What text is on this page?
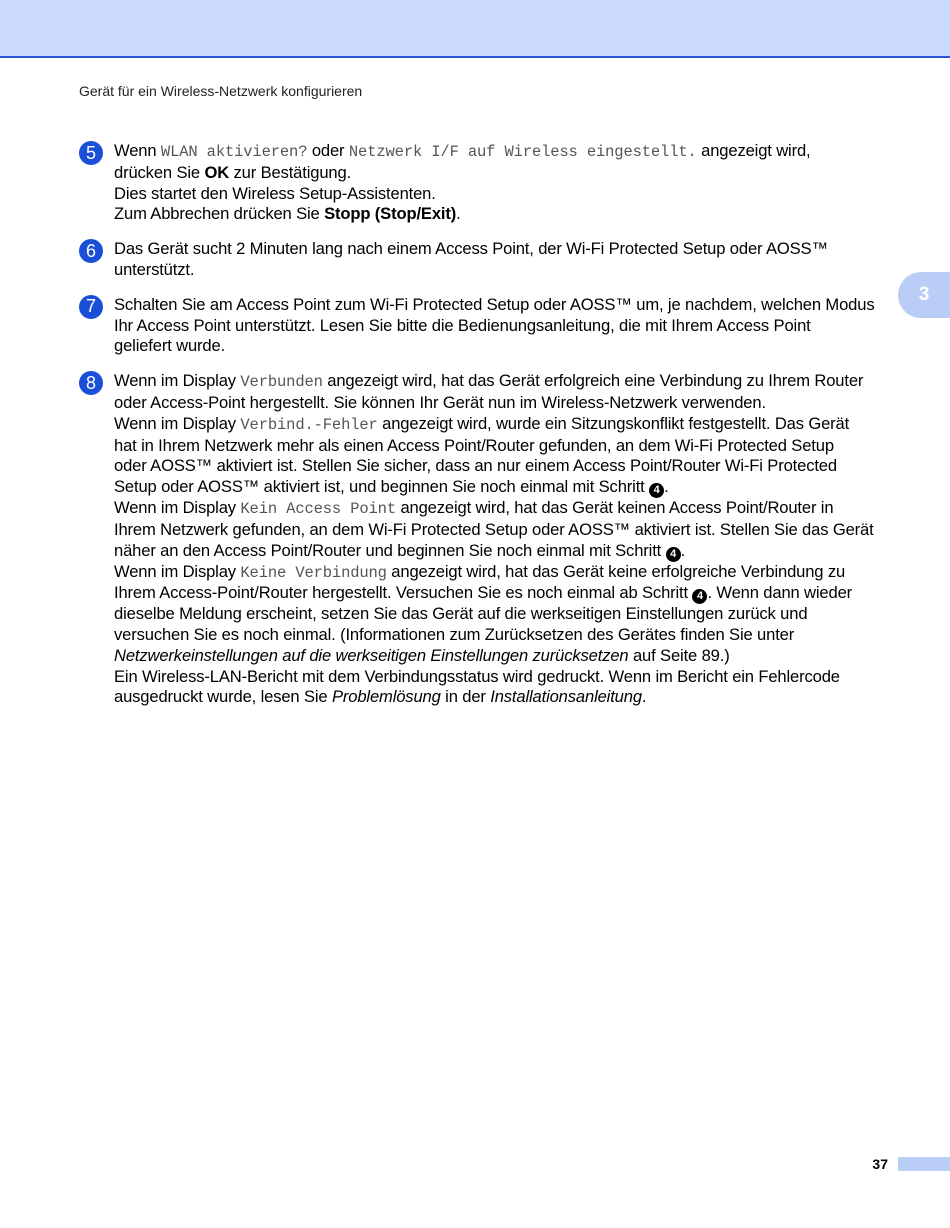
Gerät für ein Wireless-Netzwerk konfigurieren
3
5	Wenn WLAN aktivieren? oder Netzwerk I/F auf Wireless eingestellt. angezeigt wird,
drücken Sie OK zur Bestätigung.
Dies startet den Wireless Setup-Assistenten.
Zum Abbrechen drücken Sie Stopp (Stop/Exit).
6	Das Gerät sucht 2 Minuten lang nach einem Access Point, der Wi-Fi Protected Setup oder AOSS™
unterstützt.
7	Schalten Sie am Access Point zum Wi-Fi Protected Setup oder AOSS™ um, je nachdem, welchen Modus
Ihr Access Point unterstützt. Lesen Sie bitte die Bedienungsanleitung, die mit Ihrem Access Point
geliefert wurde.
8	Wenn im Display Verbunden angezeigt wird, hat das Gerät erfolgreich eine Verbindung zu Ihrem Router
oder Access-Point hergestellt. Sie können Ihr Gerät nun im Wireless-Netzwerk verwenden.
Wenn im Display Verbind.-Fehler angezeigt wird, wurde ein Sitzungskonflikt festgestellt. Das Gerät
hat in Ihrem Netzwerk mehr als einen Access Point/Router gefunden, an dem Wi-Fi Protected Setup
oder AOSS™ aktiviert ist. Stellen Sie sicher, dass an nur einem Access Point/Router Wi-Fi Protected
Setup oder AOSS™ aktiviert ist, und beginnen Sie noch einmal mit Schritt 4 .
Wenn im Display Kein Access Point angezeigt wird, hat das Gerät keinen Access Point/Router in
Ihrem Netzwerk gefunden, an dem Wi-Fi Protected Setup oder AOSS™ aktiviert ist. Stellen Sie das Gerät
näher an den Access Point/Router und beginnen Sie noch einmal mit Schritt 4 .
Wenn im Display Keine Verbindung angezeigt wird, hat das Gerät keine erfolgreiche Verbindung zu
Ihrem Access-Point/Router hergestellt. Versuchen Sie es noch einmal ab Schritt 4 . Wenn dann wieder
dieselbe Meldung erscheint, setzen Sie das Gerät auf die werkseitigen Einstellungen zurück und
versuchen Sie es noch einmal. (Informationen zum Zurücksetzen des Gerätes finden Sie unter
Netzwerkeinstellungen auf die werkseitigen Einstellungen zurücksetzen auf Seite 89.)
Ein Wireless-LAN-Bericht mit dem Verbindungsstatus wird gedruckt. Wenn im Bericht ein Fehlercode
ausgedruckt wurde, lesen Sie Problemlösung in der Installationsanleitung.
37
